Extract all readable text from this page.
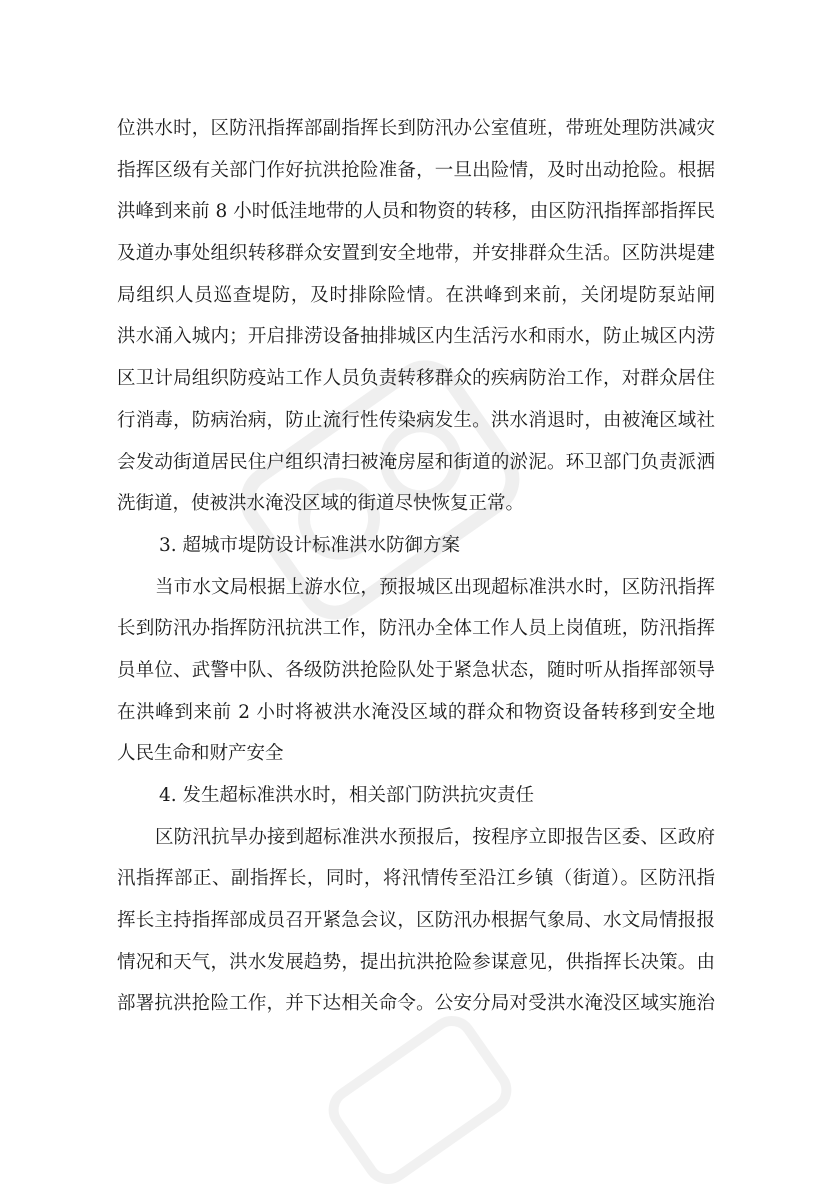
位洪水时，区防汛指挥部副指挥长到防汛办公室值班，带班处理防洪减灾
指挥区级有关部门作好抗洪抢险准备，一旦出险情，及时出动抢险。根据
洪峰到来前 8 小时低洼地带的人员和物资的转移，由区防汛指挥部指挥民
及道办事处组织转移群众安置到安全地带，并安排群众生活。区防洪堤建
局组织人员巡查堤防，及时排除险情。在洪峰到来前，关闭堤防泵站闸
洪水涌入城内；开启排涝设备抽排城区内生活污水和雨水，防止城区内涝
区卫计局组织防疫站工作人员负责转移群众的疾病防治工作，对群众居住
行消毒，防病治病，防止流行性传染病发生。洪水消退时，由被淹区域社
会发动街道居民住户组织清扫被淹房屋和街道的淤泥。环卫部门负责派洒
洗街道，使被洪水淹没区域的街道尽快恢复正常。
3. 超城市堤防设计标准洪水防御方案
当市水文局根据上游水位，预报城区出现超标准洪水时，区防汛指挥
长到防汛办指挥防汛抗洪工作，防汛办全体工作人员上岗值班，防汛指挥
员单位、武警中队、各级防洪抢险队处于紧急状态，随时听从指挥部领导
在洪峰到来前 2 小时将被洪水淹没区域的群众和物资设备转移到安全地
人民生命和财产安全
4. 发生超标准洪水时，相关部门防洪抗灾责任
区防汛抗旱办接到超标准洪水预报后，按程序立即报告区委、区政府
汛指挥部正、副指挥长，同时，将汛情传至沿江乡镇（街道）。区防汛指
挥长主持指挥部成员召开紧急会议，区防汛办根据气象局、水文局情报报
情况和天气，洪水发展趋势，提出抗洪抢险参谋意见，供指挥长决策。由
部署抗洪抢险工作，并下达相关命令。公安分局对受洪水淹没区域实施治
